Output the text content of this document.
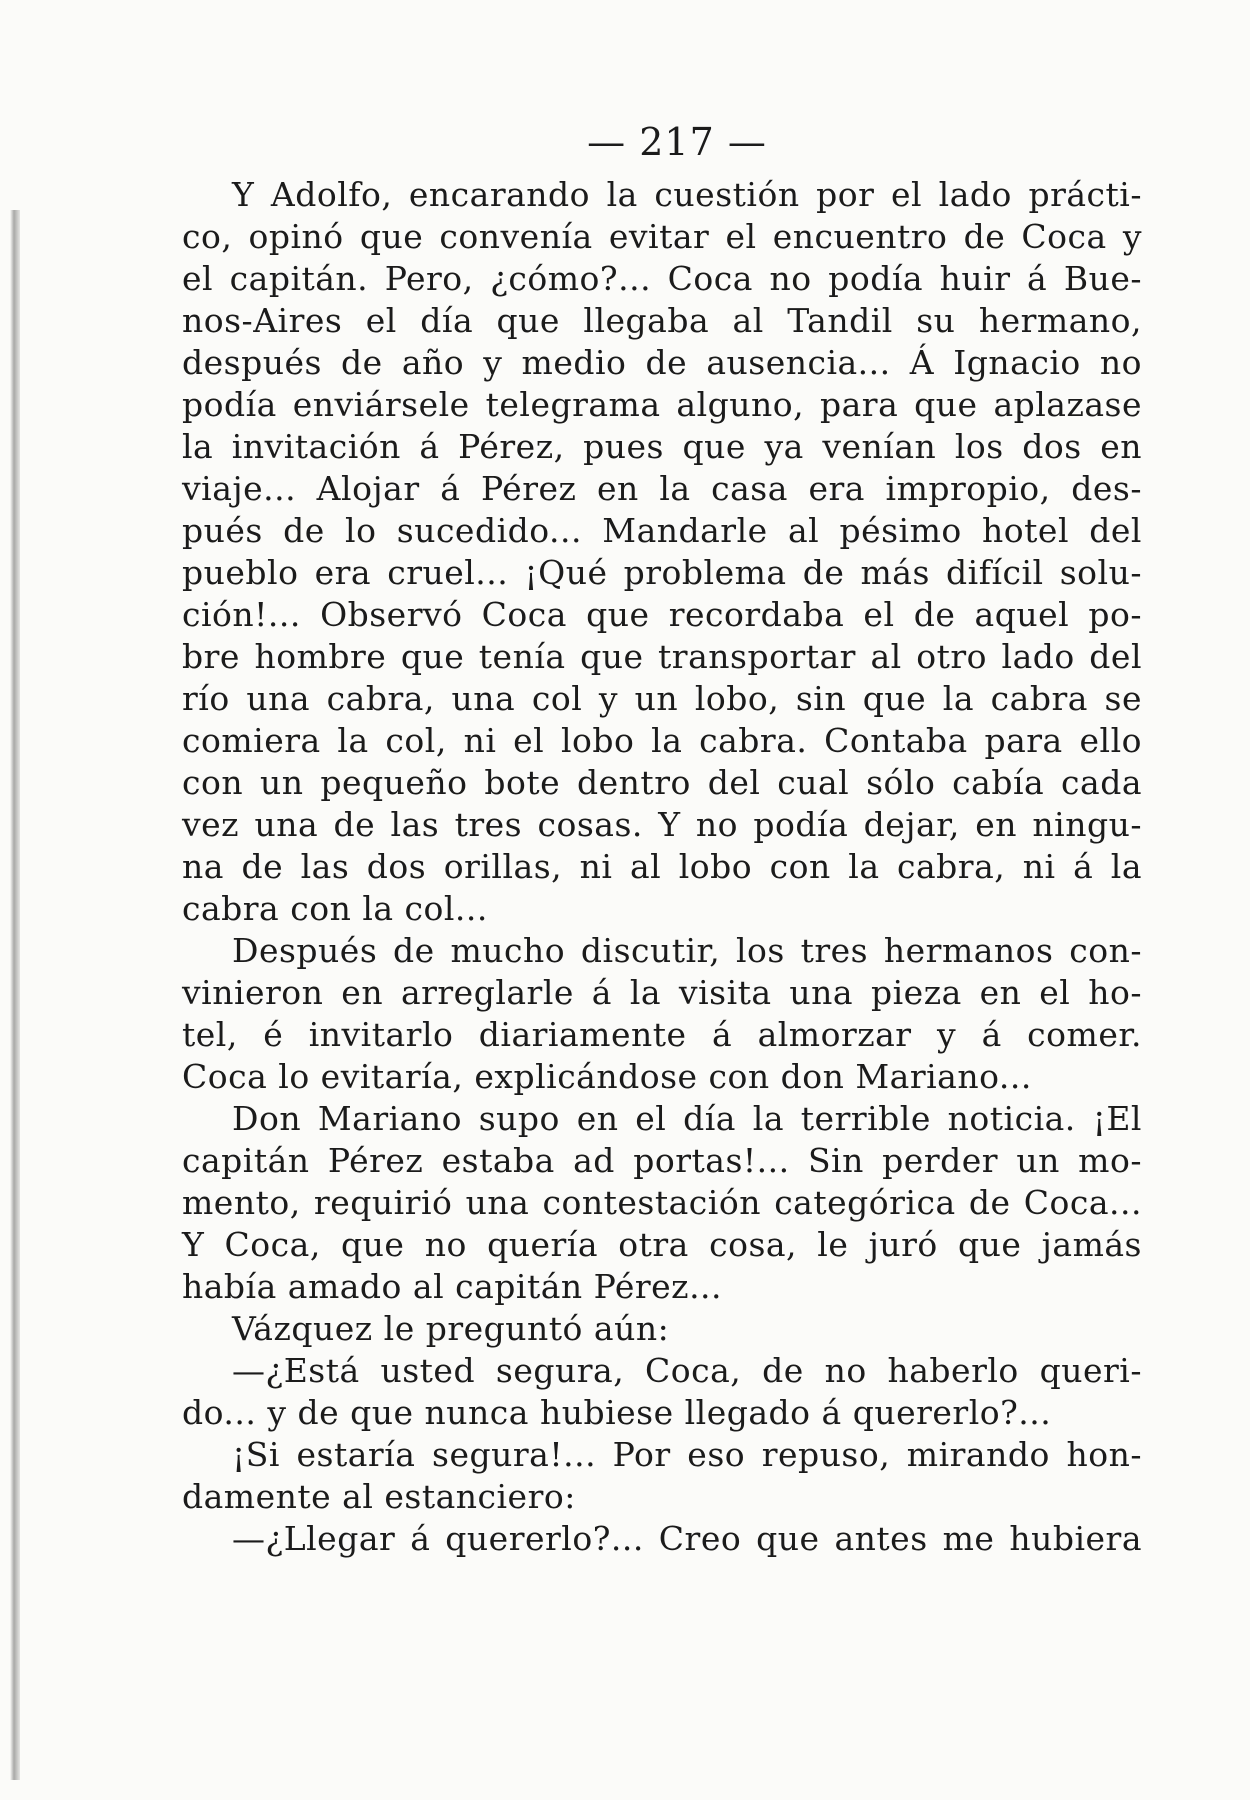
— 217 —
Y Adolfo, encarando la cuestión por el lado prácti-
co, opinó que convenía evitar el encuentro de Coca y
el capitán. Pero, ¿cómo?... Coca no podía huir á Bue-
nos-Aires el día que llegaba al Tandil su hermano,
después de año y medio de ausencia... Á Ignacio no
podía enviársele telegrama alguno, para que aplazase
la invitación á Pérez, pues que ya venían los dos en
viaje... Alojar á Pérez en la casa era impropio, des-
pués de lo sucedido... Mandarle al pésimo hotel del
pueblo era cruel... ¡Qué problema de más difícil solu-
ción!... Observó Coca que recordaba el de aquel po-
bre hombre que tenía que transportar al otro lado del
río una cabra, una col y un lobo, sin que la cabra se
comiera la col, ni el lobo la cabra. Contaba para ello
con un pequeño bote dentro del cual sólo cabía cada
vez una de las tres cosas. Y no podía dejar, en ningu-
na de las dos orillas, ni al lobo con la cabra, ni á la
cabra con la col...
Después de mucho discutir, los tres hermanos con-
vinieron en arreglarle á la visita una pieza en el ho-
tel, é invitarlo diariamente á almorzar y á comer.
Coca lo evitaría, explicándose con don Mariano...
Don Mariano supo en el día la terrible noticia. ¡El
capitán Pérez estaba ad portas!... Sin perder un mo-
mento, requirió una contestación categórica de Coca...
Y Coca, que no quería otra cosa, le juró que jamás
había amado al capitán Pérez...
Vázquez le preguntó aún:
—¿Está usted segura, Coca, de no haberlo queri-
do... y de que nunca hubiese llegado á quererlo?...
¡Si estaría segura!... Por eso repuso, mirando hon-
damente al estanciero:
—¿Llegar á quererlo?... Creo que antes me hubiera
